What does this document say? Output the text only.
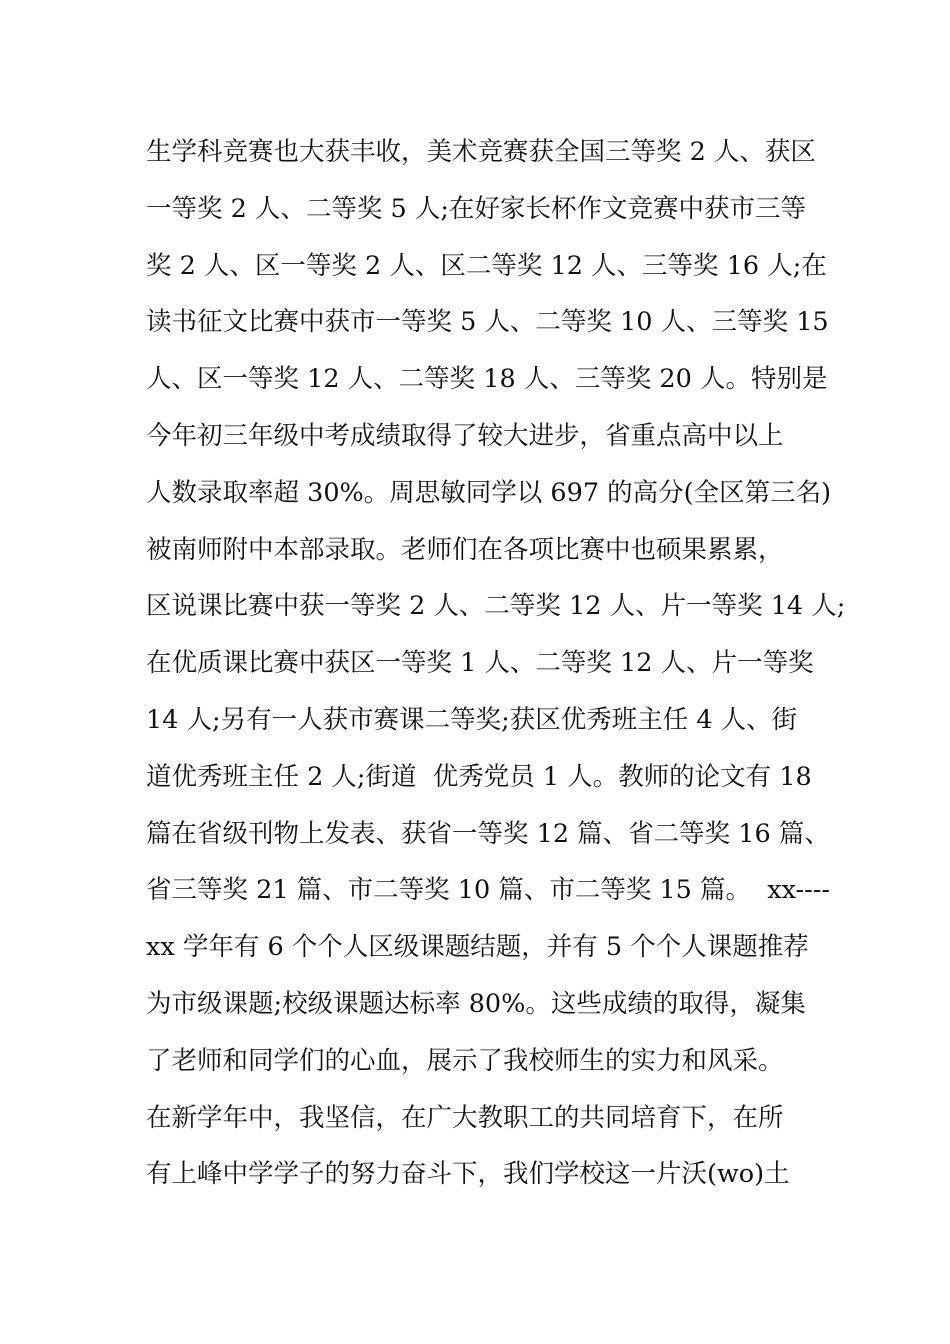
生学科竞赛也大获丰收，美术竞赛获全国三等奖 2 人、获区
一等奖 2 人、二等奖 5 人;在好家长杯作文竞赛中获市三等
奖 2 人、区一等奖 2 人、区二等奖 12 人、三等奖 16 人;在
读书征文比赛中获市一等奖 5 人、二等奖 10 人、三等奖 15
人、区一等奖 12 人、二等奖 18 人、三等奖 20 人。特别是
今年初三年级中考成绩取得了较大进步，省重点高中以上
人数录取率超 30%。周思敏同学以 697 的高分(全区第三名)
被南师附中本部录取。老师们在各项比赛中也硕果累累，
区说课比赛中获一等奖 2 人、二等奖 12 人、片一等奖 14 人;
在优质课比赛中获区一等奖 1 人、二等奖 12 人、片一等奖
14 人;另有一人获市赛课二等奖;获区优秀班主任 4 人、街
道优秀班主任 2 人;街道  优秀党员 1 人。教师的论文有 18
篇在省级刊物上发表、获省一等奖 12 篇、省二等奖 16 篇、
省三等奖 21 篇、市二等奖 10 篇、市二等奖 15 篇。  xx----
xx 学年有 6 个个人区级课题结题，并有 5 个个人课题推荐
为市级课题;校级课题达标率 80%。这些成绩的取得，凝集
了老师和同学们的心血，展示了我校师生的实力和风采。
在新学年中，我坚信，在广大教职工的共同培育下，在所
有上峰中学学子的努力奋斗下，我们学校这一片沃(wo)土
